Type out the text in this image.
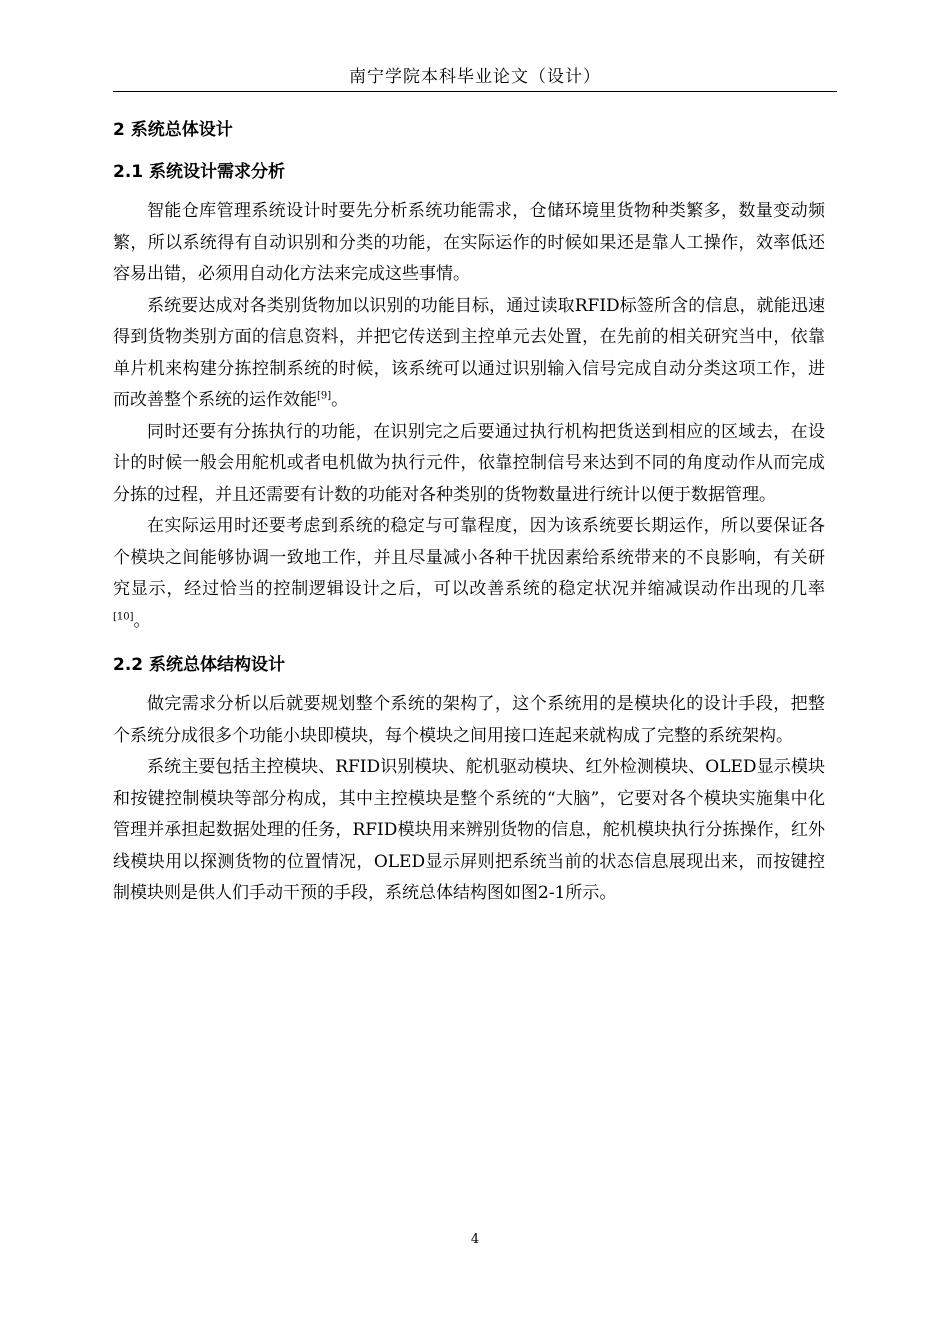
南宁学院本科毕业论文（设计）
2 系统总体设计
2.1 系统设计需求分析

智能仓库管理系统设计时要先分析系统功能需求，仓储环境里货物种类繁多，数量变动频繁，所以系统得有自动识别和分类的功能，在实际运作的时候如果还是靠人工操作，效率低还容易出错，必须用自动化方法来完成这些事情。

系统要达成对各类别货物加以识别的功能目标，通过读取RFID标签所含的信息，就能迅速得到货物类别方面的信息资料，并把它传送到主控单元去处置，在先前的相关研究当中，依靠单片机来构建分拣控制系统的时候，该系统可以通过识别输入信号完成自动分类这项工作，进而改善整个系统的运作效能[9]。

同时还要有分拣执行的功能，在识别完之后要通过执行机构把货送到相应的区域去，在设计的时候一般会用舵机或者电机做为执行元件，依靠控制信号来达到不同的角度动作从而完成分拣的过程，并且还需要有计数的功能对各种类别的货物数量进行统计以便于数据管理。

在实际运用时还要考虑到系统的稳定与可靠程度，因为该系统要长期运作，所以要保证各个模块之间能够协调一致地工作，并且尽量减小各种干扰因素给系统带来的不良影响，有关研究显示，经过恰当的控制逻辑设计之后，可以改善系统的稳定状况并缩减误动作出现的几率[10]。

2.2 系统总体结构设计

做完需求分析以后就要规划整个系统的架构了，这个系统用的是模块化的设计手段，把整个系统分成很多个功能小块即模块，每个模块之间用接口连起来就构成了完整的系统架构。

系统主要包括主控模块、RFID识别模块、舵机驱动模块、红外检测模块、OLED显示模块和按键控制模块等部分构成，其中主控模块是整个系统的“大脑”，它要对各个模块实施集中化管理并承担起数据处理的任务，RFID模块用来辨别货物的信息，舵机模块执行分拣操作，红外线模块用以探测货物的位置情况，OLED显示屏则把系统当前的状态信息展现出来，而按键控制模块则是供人们手动干预的手段，系统总体结构图如图2-1所示。

4
